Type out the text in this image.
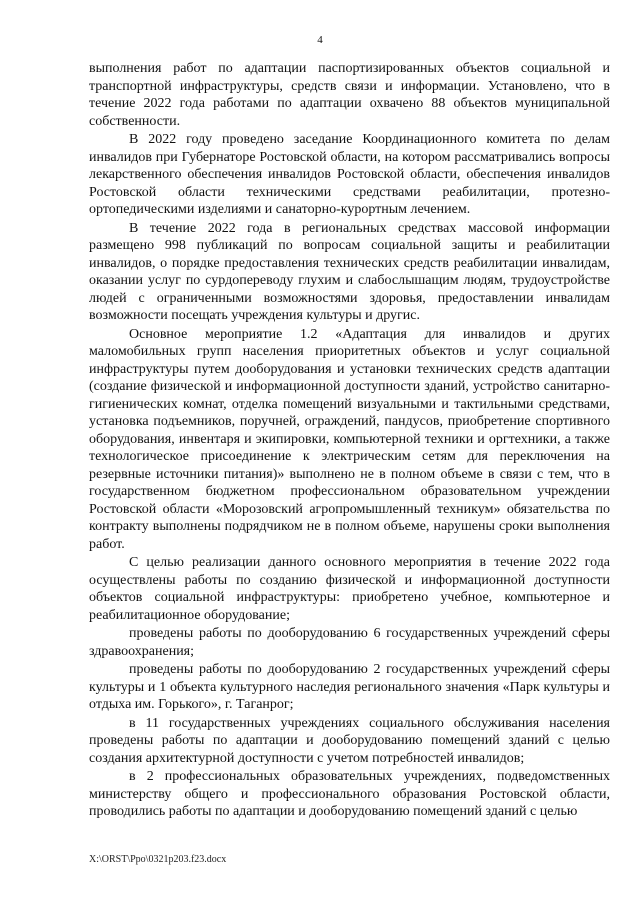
4

выполнения работ по адаптации паспортизированных объектов социальной и транспортной инфраструктуры, средств связи и информации. Установлено, что в течение 2022 года работами по адаптации охвачено 88 объектов муниципальной собственности.

В 2022 году проведено заседание Координационного комитета по делам инвалидов при Губернаторе Ростовской области, на котором рассматривались вопросы лекарственного обеспечения инвалидов Ростовской области, обеспечения инвалидов Ростовской области техническими средствами реабилитации, протезно-ортопедическими изделиями и санаторно-курортным лечением.

В течение 2022 года в региональных средствах массовой информации размещено 998 публикаций по вопросам социальной защиты и реабилитации инвалидов, о порядке предоставления технических средств реабилитации инвалидам, оказании услуг по сурдопереводу глухим и слабослышащим людям, трудоустройстве людей с ограниченными возможностями здоровья, предоставлении инвалидам возможности посещать учреждения культуры и другис.

Основное мероприятие 1.2 «Адаптация для инвалидов и других маломобильных групп населения приоритетных объектов и услуг социальной инфраструктуры путем дооборудования и установки технических средств адаптации (создание физической и информационной доступности зданий, устройство санитарно-гигиенических комнат, отделка помещений визуальными и тактильными средствами, установка подъемников, поручней, ограждений, пандусов, приобретение спортивного оборудования, инвентаря и экипировки, компьютерной техники и оргтехники, а также технологическое присоединение к электрическим сетям для переключения на резервные источники питания)» выполнено не в полном объеме в связи с тем, что в государственном бюджетном профессиональном образовательном учреждении Ростовской области «Морозовский агропромышленный техникум» обязательства по контракту выполнены подрядчиком не в полном объеме, нарушены сроки выполнения работ.

С целью реализации данного основного мероприятия в течение 2022 года осуществлены работы по созданию физической и информационной доступности объектов социальной инфраструктуры: приобретено учебное, компьютерное и реабилитационное оборудование;

проведены работы по дооборудованию 6 государственных учреждений сферы здравоохранения;

проведены работы по дооборудованию 2 государственных учреждений сферы культуры и 1 объекта культурного наследия регионального значения «Парк культуры и отдыха им. Горького», г. Таганрог;

в 11 государственных учреждениях социального обслуживания населения проведены работы по адаптации и дооборудованию помещений зданий с целью создания архитектурной доступности с учетом потребностей инвалидов;

в 2 профессиональных образовательных учреждениях, подведомственных министерству общего и профессионального образования Ростовской области, проводились работы по адаптации и дооборудованию помещений зданий с целью

X:\ORST\Ppo\0321p203.f23.docx
